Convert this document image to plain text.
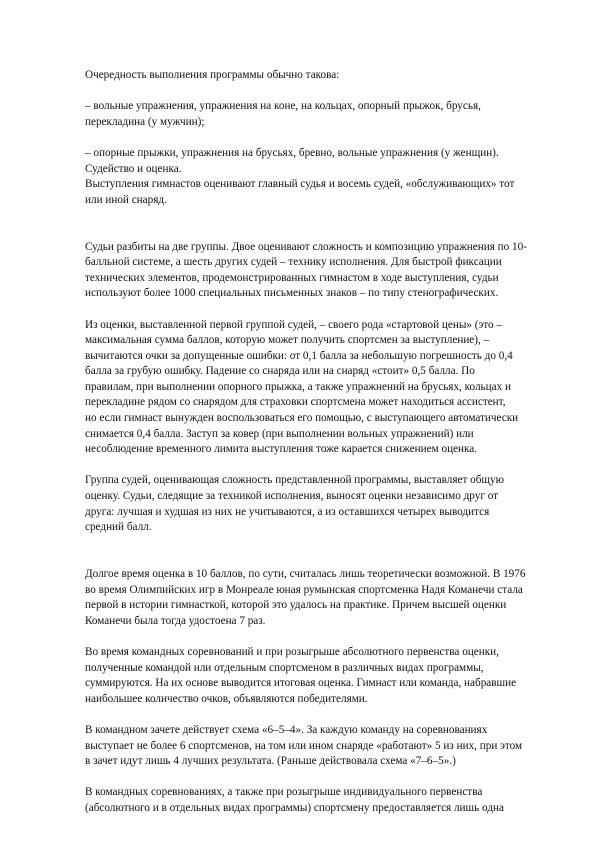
Очередность выполнения программы обычно такова:

– вольные упражнения, упражнения на коне, на кольцах, опорный прыжок, брусья,
перекладина (у мужчин);

– опорные прыжки, упражнения на брусьях, бревно, вольные упражнения (у женщин).
Судейство и оценка.
Выступления гимнастов оценивают главный судья и восемь судей, «обслуживающих» тот
или иной снаряд.

Судьи разбиты на две группы. Двое оценивают сложность и композицию упражнения по 10-
балльной системе, а шесть других судей – технику исполнения. Для быстрой фиксации
технических элементов, продемонстрированных гимнастом в ходе выступления, судьи
используют более 1000 специальных письменных знаков – по типу стенографических.

Из оценки, выставленной первой группой судей, – своего рода «стартовой цены» (это –
максимальная сумма баллов, которую может получить спортсмен за выступление), –
вычитаются очки за допущенные ошибки: от 0,1 балла за небольшую погрешность до 0,4
балла за грубую ошибку. Падение со снаряда или на снаряд «стоит» 0,5 балла. По
правилам, при выполнении опорного прыжка, а также упражнений на брусьях, кольцах и
перекладине рядом со снарядом для страховки спортсмена может находиться ассистент,
но если гимнаст вынужден воспользоваться его помощью, с выступающего автоматически
снимается 0,4 балла. Заступ за ковер (при выполнении вольных упражнений) или
несоблюдение временного лимита выступления тоже карается снижением оценка.

Группа судей, оценивающая сложность представленной программы, выставляет общую
оценку. Судьи, следящие за техникой исполнения, выносят оценки независимо друг от
друга: лучшая и худшая из них не учитываются, а из оставшихся четырех выводится
средний балл.

Долгое время оценка в 10 баллов, по сути, считалась лишь теоретически возможной. В 1976
во время Олимпийских игр в Монреале юная румынская спортсменка Надя Команечи стала
первой в истории гимнасткой, которой это удалось на практике. Причем высшей оценки
Команечи была тогда удостоена 7 раз.

Во время командных соревнований и при розыгрыше абсолютного первенства оценки,
полученные командой или отдельным спортсменом в различных видах программы,
суммируются. На их основе выводится итоговая оценка. Гимнаст или команда, набравшие
наибольшее количество очков, объявляются победителями.

В командном зачете действует схема «6–5–4». За каждую команду на соревнованиях
выступает не более 6 спортсменов, на том или ином снаряде «работают» 5 из них, при этом
в зачет идут лишь 4 лучших результата. (Раньше действовала схема «7–6–5».)

В командных соревнованиях, а также при розыгрыше индивидуального первенства
(абсолютного и в отдельных видах программы) спортсмену предоставляется лишь одна
